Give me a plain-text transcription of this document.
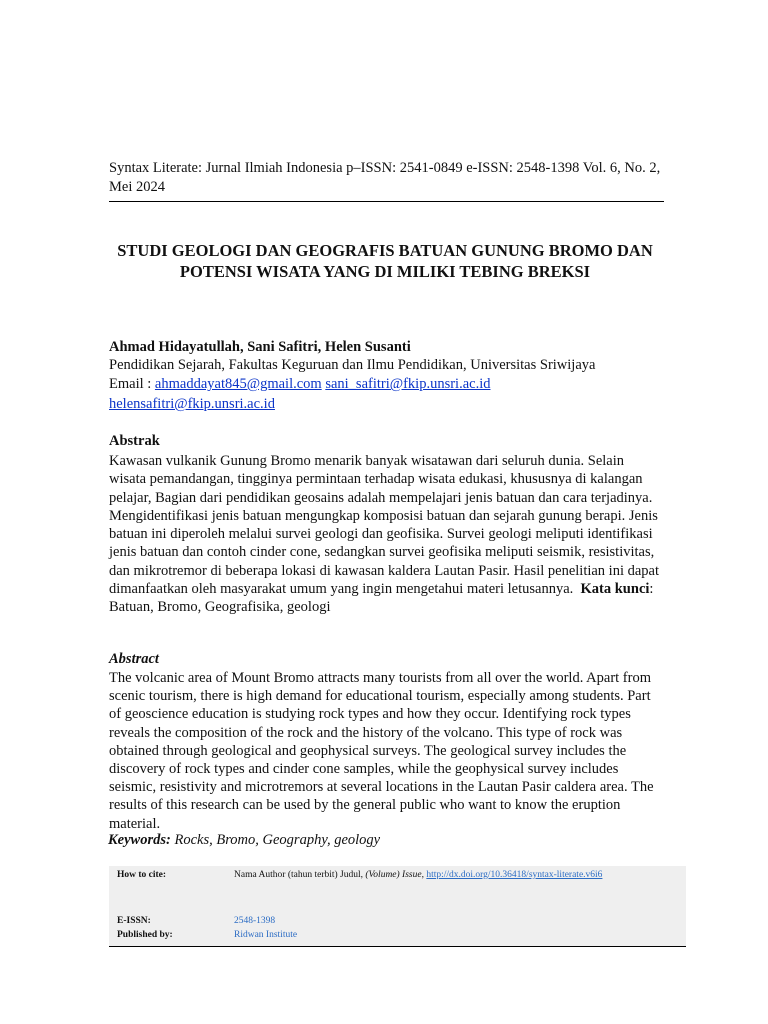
Syntax Literate: Jurnal Ilmiah Indonesia p–ISSN: 2541-0849 e-ISSN: 2548-1398 Vol. 6, No. 2, Mei 2024
STUDI GEOLOGI DAN GEOGRAFIS BATUAN GUNUNG BROMO DAN POTENSI WISATA YANG DI MILIKI TEBING BREKSI
Ahmad Hidayatullah, Sani Safitri, Helen Susanti
Pendidikan Sejarah, Fakultas Keguruan dan Ilmu Pendidikan, Universitas Sriwijaya
Email : ahmaddayat845@gmail.com sani_safitri@fkip.unsri.ac.id
helensafitri@fkip.unsri.ac.id
Abstrak
Kawasan vulkanik Gunung Bromo menarik banyak wisatawan dari seluruh dunia. Selain wisata pemandangan, tingginya permintaan terhadap wisata edukasi, khususnya di kalangan pelajar, Bagian dari pendidikan geosains adalah mempelajari jenis batuan dan cara terjadinya. Mengidentifikasi jenis batuan mengungkap komposisi batuan dan sejarah gunung berapi. Jenis batuan ini diperoleh melalui survei geologi dan geofisika. Survei geologi meliputi identifikasi jenis batuan dan contoh cinder cone, sedangkan survei geofisika meliputi seismik, resistivitas, dan mikrotremor di beberapa lokasi di kawasan kaldera Lautan Pasir. Hasil penelitian ini dapat dimanfaatkan oleh masyarakat umum yang ingin mengetahui materi letusannya. Kata kunci: Batuan, Bromo, Geografisika, geologi
Abstract
The volcanic area of Mount Bromo attracts many tourists from all over the world. Apart from scenic tourism, there is high demand for educational tourism, especially among students. Part of geoscience education is studying rock types and how they occur. Identifying rock types reveals the composition of the rock and the history of the volcano. This type of rock was obtained through geological and geophysical surveys. The geological survey includes the discovery of rock types and cinder cone samples, while the geophysical survey includes seismic, resistivity and microtremors at several locations in the Lautan Pasir caldera area. The results of this research can be used by the general public who want to know the eruption material.
Keywords: Rocks, Bromo, Geography, geology
How to cite:	Nama Author (tahun terbit) Judul, (Volume) Issue, http://dx.doi.org/10.36418/syntax-literate.v6i6
E-ISSN:	2548-1398
Published by:	Ridwan Institute
